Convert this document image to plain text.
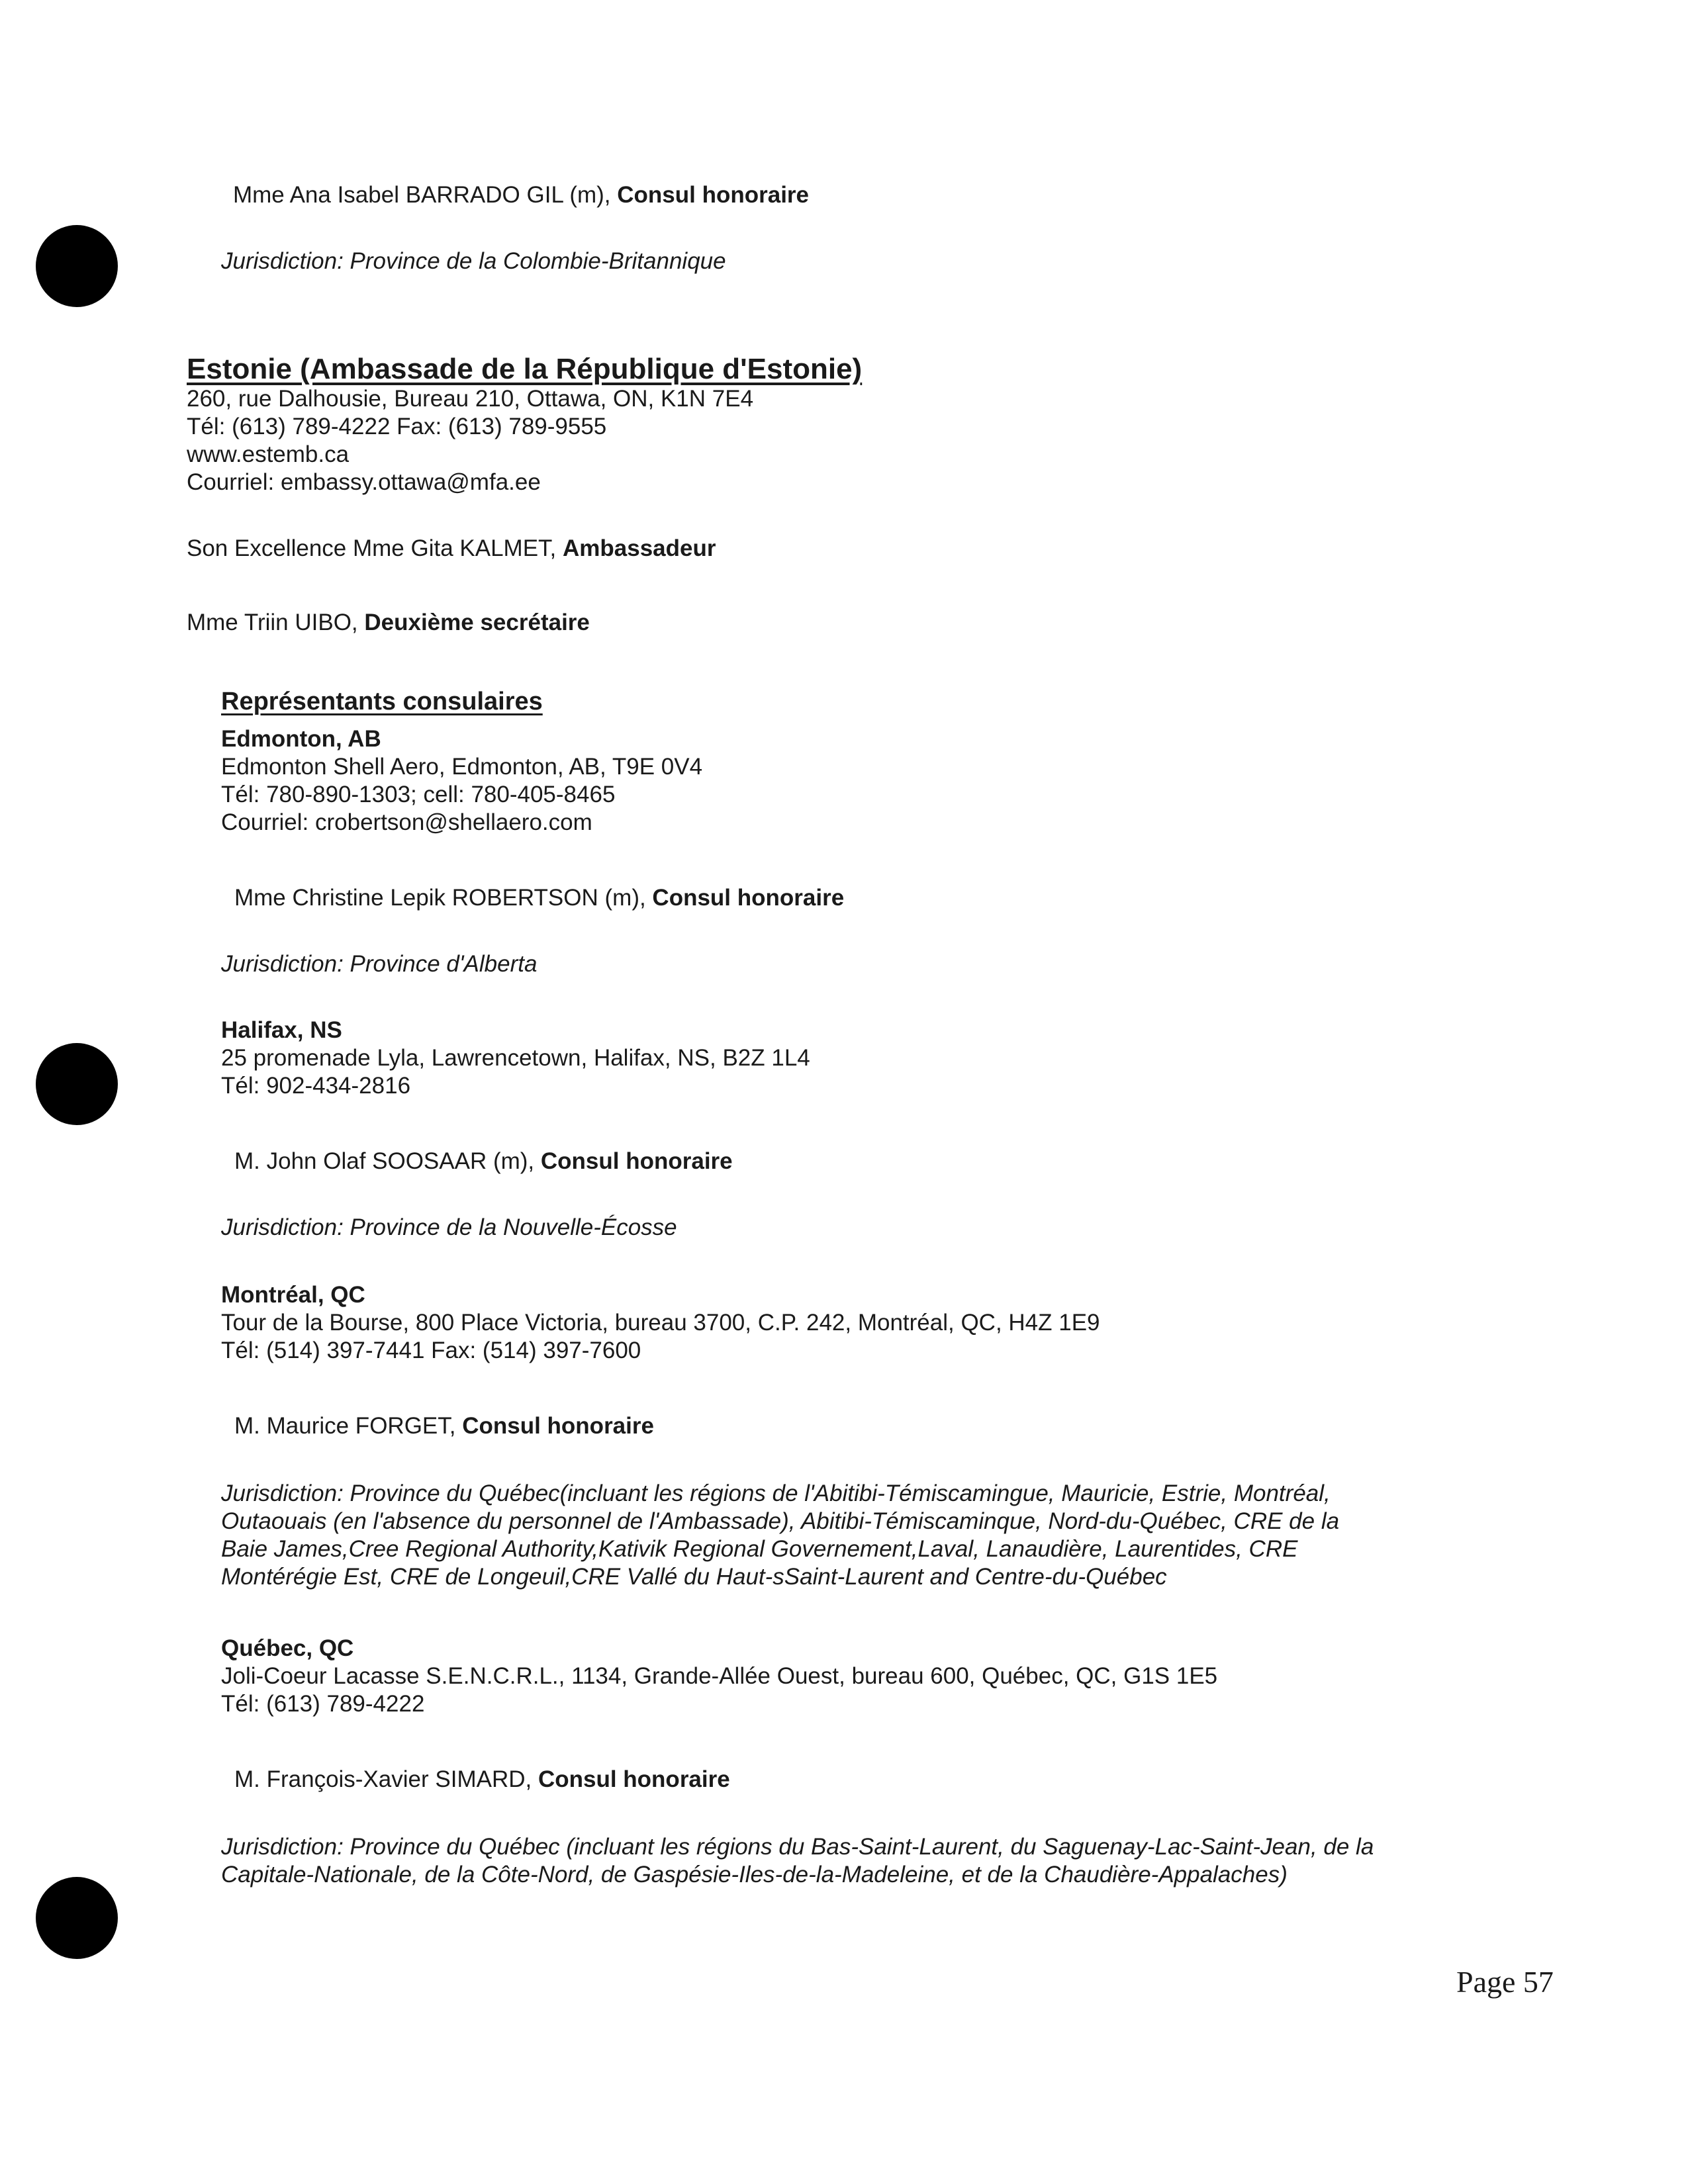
Mme Ana Isabel BARRADO GIL (m), Consul honoraire
Jurisdiction: Province de la Colombie-Britannique
Estonie (Ambassade de la République d'Estonie)
260, rue Dalhousie, Bureau 210, Ottawa, ON, K1N 7E4
Tél: (613) 789-4222 Fax: (613) 789-9555
www.estemb.ca
Courriel: embassy.ottawa@mfa.ee
Son Excellence Mme Gita KALMET, Ambassadeur
Mme Triin UIBO, Deuxième secrétaire
Représentants consulaires
Edmonton, AB
Edmonton Shell Aero, Edmonton, AB, T9E 0V4
Tél: 780-890-1303; cell: 780-405-8465
Courriel: crobertson@shellaero.com
Mme Christine Lepik ROBERTSON (m), Consul honoraire
Jurisdiction: Province d'Alberta
Halifax, NS
25 promenade Lyla, Lawrencetown, Halifax, NS, B2Z 1L4
Tél: 902-434-2816
M. John Olaf SOOSAAR (m), Consul honoraire
Jurisdiction: Province de la Nouvelle-Écosse
Montréal, QC
Tour de la Bourse, 800 Place Victoria, bureau 3700, C.P. 242, Montréal, QC, H4Z 1E9
Tél: (514) 397-7441 Fax: (514) 397-7600
M. Maurice FORGET, Consul honoraire
Jurisdiction: Province du Québec(incluant les régions de l'Abitibi-Témiscamingue, Mauricie, Estrie, Montréal,
Outaouais (en l'absence du personnel de l'Ambassade), Abitibi-Témiscaminque, Nord-du-Québec, CRE de la
Baie James,Cree Regional Authority,Kativik Regional Governement,Laval, Lanaudière, Laurentides, CRE
Montérégie Est, CRE de Longeuil,CRE Vallé du Haut-sSaint-Laurent and Centre-du-Québec
Québec, QC
Joli-Coeur Lacasse S.E.N.C.R.L., 1134, Grande-Allée Ouest, bureau 600, Québec, QC, G1S 1E5
Tél: (613) 789-4222
M. François-Xavier SIMARD, Consul honoraire
Jurisdiction: Province du Québec (incluant les régions du Bas-Saint-Laurent, du Saguenay-Lac-Saint-Jean, de la
Capitale-Nationale, de la Côte-Nord, de Gaspésie-Iles-de-la-Madeleine, et de la Chaudière-Appalaches)
Page 57
